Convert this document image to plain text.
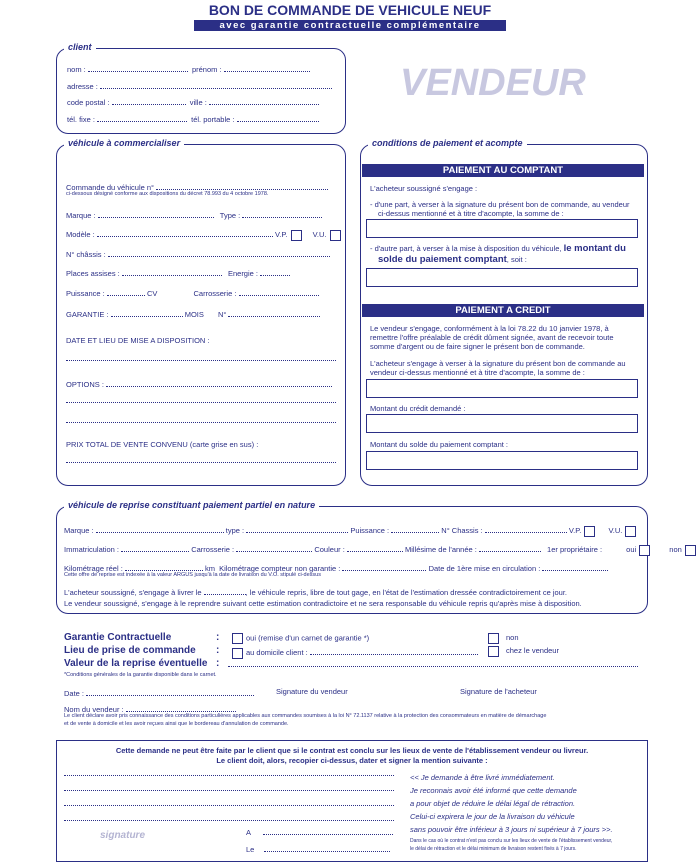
BON DE COMMANDE DE VEHICULE NEUF
avec garantie contractuelle complémentaire
client
nom :	prénom :
adresse :
code postal :	ville :
tél. fixe :	tél. portable :
VENDEUR
véhicule à commercialiser
Commande du véhicule n°
ci-dessous désigné conforme aux dispositions du décret 78.993 du 4 octobre 1978.
Marque :	Type :
Modèle :	V.P.	V.U.
N° châssis :
Places assises :	Energie :
Puissance :	CV	Carrosserie :
GARANTIE :	MOIS N°
DATE ET LIEU DE MISE A DISPOSITION :
OPTIONS :
PRIX TOTAL DE VENTE CONVENU (carte grise en sus) :
conditions de paiement et acompte
PAIEMENT AU COMPTANT
L'acheteur soussigné s'engage :
- d'une part, à verser à la signature du présent bon de commande, au vendeur
ci-dessus mentionné et à titre d'acompte, la somme de :
- d'autre part, à verser à la mise à disposition du véhicule, le montant du
solde du paiement comptant, soit :
PAIEMENT A CREDIT
Le vendeur s'engage, conformément à la loi 78.22 du 10 janvier 1978, à
remettre l'offre préalable de crédit dûment signée, avant de recevoir toute
somme d'argent ou de faire signer le présent bon de commande.
L'acheteur s'engage à verser à la signature du présent bon de commande au
vendeur ci-dessus mentionné et à titre d'acompte, la somme de :
Montant du crédit demandé :
Montant du solde du paiement comptant :
véhicule de reprise constituant paiement partiel en nature
Marque :	type :	Puissance :	N° Chassis :	V.P.	V.U.
Immatriculation :	Carrosserie :	Couleur :	Millésime de l'année :	1er propriétaire :	oui	non
Kilométrage réel :	km Kilométrage compteur non garantie :	Date de 1ère mise en circulation :
Cette offre de reprise est indexée à la valeur ARGUS jusqu'à la date de livraison du V.O. stipulé ci-dessus
L'acheteur soussigné, s'engage à livrer le	, le véhicule repris, libre de tout gage, en l'état de l'estimation dressée contradictoirement ce jour.
Le vendeur soussigné, s'engage à le reprendre suivant cette estimation contradictoire et ne sera responsable du véhicule repris qu'après mise à disposition.
Garantie Contractuelle
Lieu de prise de commande
Valeur de la reprise éventuelle
:
:
:
oui (remise d'un carnet de garantie *)	non
au domicile client :	chez le vendeur
*Conditions générales de la garantie disponible dans le carnet.
Date :	Signature du vendeur	Signature de l'acheteur
Nom du vendeur :
Le client déclare avoir pris connaissance des conditions particulières applicables aux commandes soumises à la loi N° 72.1137 relative à la protection des consommateurs en matière de démarchage
et de vente à domicile et les avoir reçues ainsi que le bordereau d'annulation de commande.
Cette demande ne peut être faite par le client que si le contrat est conclu sur les lieux de vente de l'établissement vendeur ou livreur.
Le client doit, alors, recopier ci-dessus, dater et signer la mention suivante :
signature	A
Le
<< Je demande à être livré immédiatement.
Je reconnais avoir été informé que cette demande
a pour objet de réduire le délai légal de rétraction.
Celui-ci expirera le jour de la livraison du véhicule
sans pouvoir être inférieur à 3 jours ni supérieur à 7 jours >>.
Dans le cas où le contrat n'est pas conclu sur les lieux de vente de l'établissement vendeur,
le délai de rétraction et le délai minimum de livraison restent fixés à 7 jours.
